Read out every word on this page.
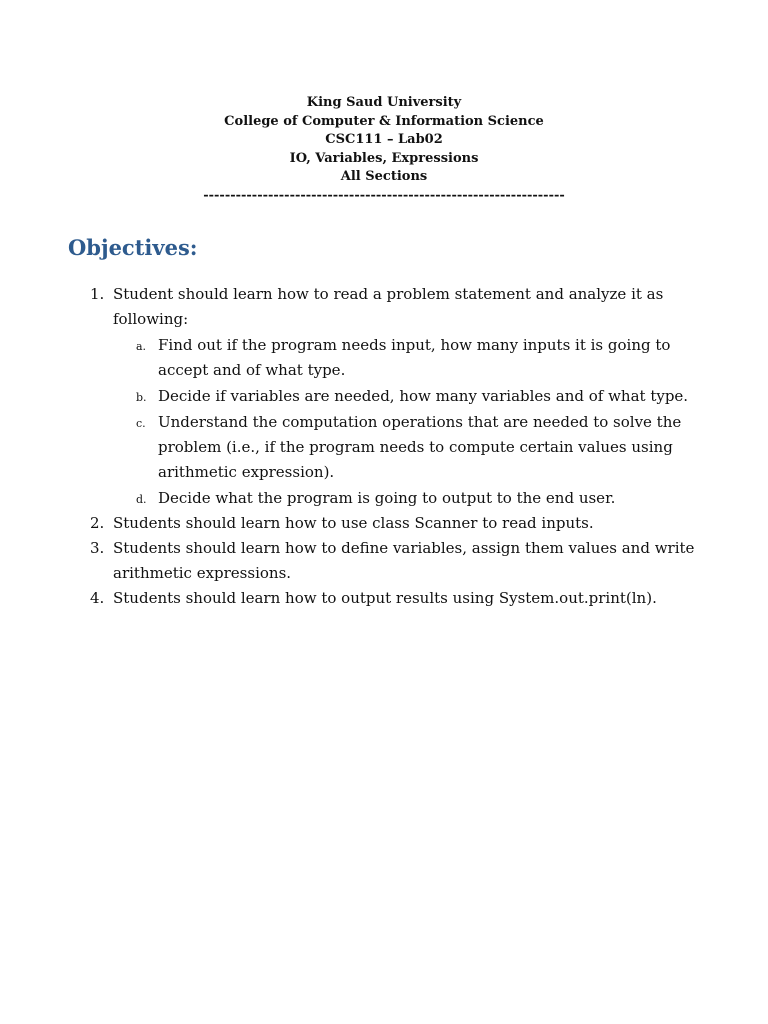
King Saud University
College of Computer & Information Science
CSC111 – Lab02
IO, Variables, Expressions
All Sections
-------------------------------------------------------------------
Objectives:
1. Student should learn how to read a problem statement and analyze it as following:
a. Find out if the program needs input, how many inputs it is going to accept and of what type.
b. Decide if variables are needed, how many variables and of what type.
c. Understand the computation operations that are needed to solve the problem (i.e., if the program needs to compute certain values using arithmetic expression).
d. Decide what the program is going to output to the end user.
2. Students should learn how to use class Scanner to read inputs.
3. Students should learn how to define variables, assign them values and write arithmetic expressions.
4. Students should learn how to output results using System.out.print(ln).
